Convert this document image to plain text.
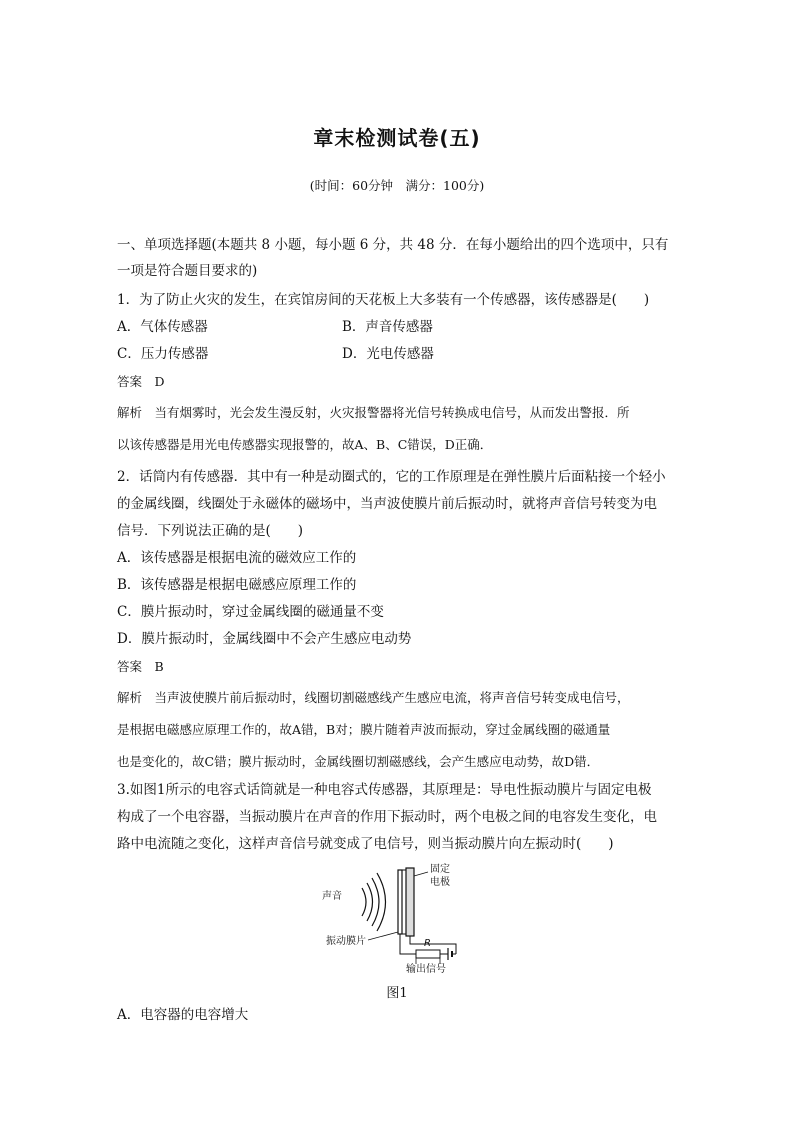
章末检测试卷(五)
(时间：60分钟　满分：100分)
一、单项选择题(本题共 8 小题，每小题 6 分，共 48 分．在每小题给出的四个选项中，只有
一项是符合题目要求的)
1．为了防止火灾的发生，在宾馆房间的天花板上大多装有一个传感器，该传感器是(　　)
A．气体传感器	B．声音传感器
C．压力传感器	D．光电传感器
答案　D
解析　当有烟雾时，光会发生漫反射，火灾报警器将光信号转换成电信号，从而发出警报．所
以该传感器是用光电传感器实现报警的，故A、B、C错误，D正确．
2．话筒内有传感器．其中有一种是动圈式的，它的工作原理是在弹性膜片后面粘接一个轻小
的金属线圈，线圈处于永磁体的磁场中，当声波使膜片前后振动时，就将声音信号转变为电
信号．下列说法正确的是(　　)
A．该传感器是根据电流的磁效应工作的
B．该传感器是根据电磁感应原理工作的
C．膜片振动时，穿过金属线圈的磁通量不变
D．膜片振动时，金属线圈中不会产生感应电动势
答案　B
解析　当声波使膜片前后振动时，线圈切割磁感线产生感应电流，将声音信号转变成电信号，
是根据电磁感应原理工作的，故A错，B对；膜片随着声波而振动，穿过金属线圈的磁通量
也是变化的，故C错；膜片振动时，金属线圈切割磁感线，会产生感应电动势，故D错．
3.如图1所示的电容式话筒就是一种电容式传感器，其原理是：导电性振动膜片与固定电极
构成了一个电容器，当振动膜片在声音的作用下振动时，两个电极之间的电容发生变化，电
路中电流随之变化，这样声音信号就变成了电信号，则当振动膜片向左振动时(　　)
声音
固定
电极
R
振动膜片
输出信号
图1
A．电容器的电容增大
